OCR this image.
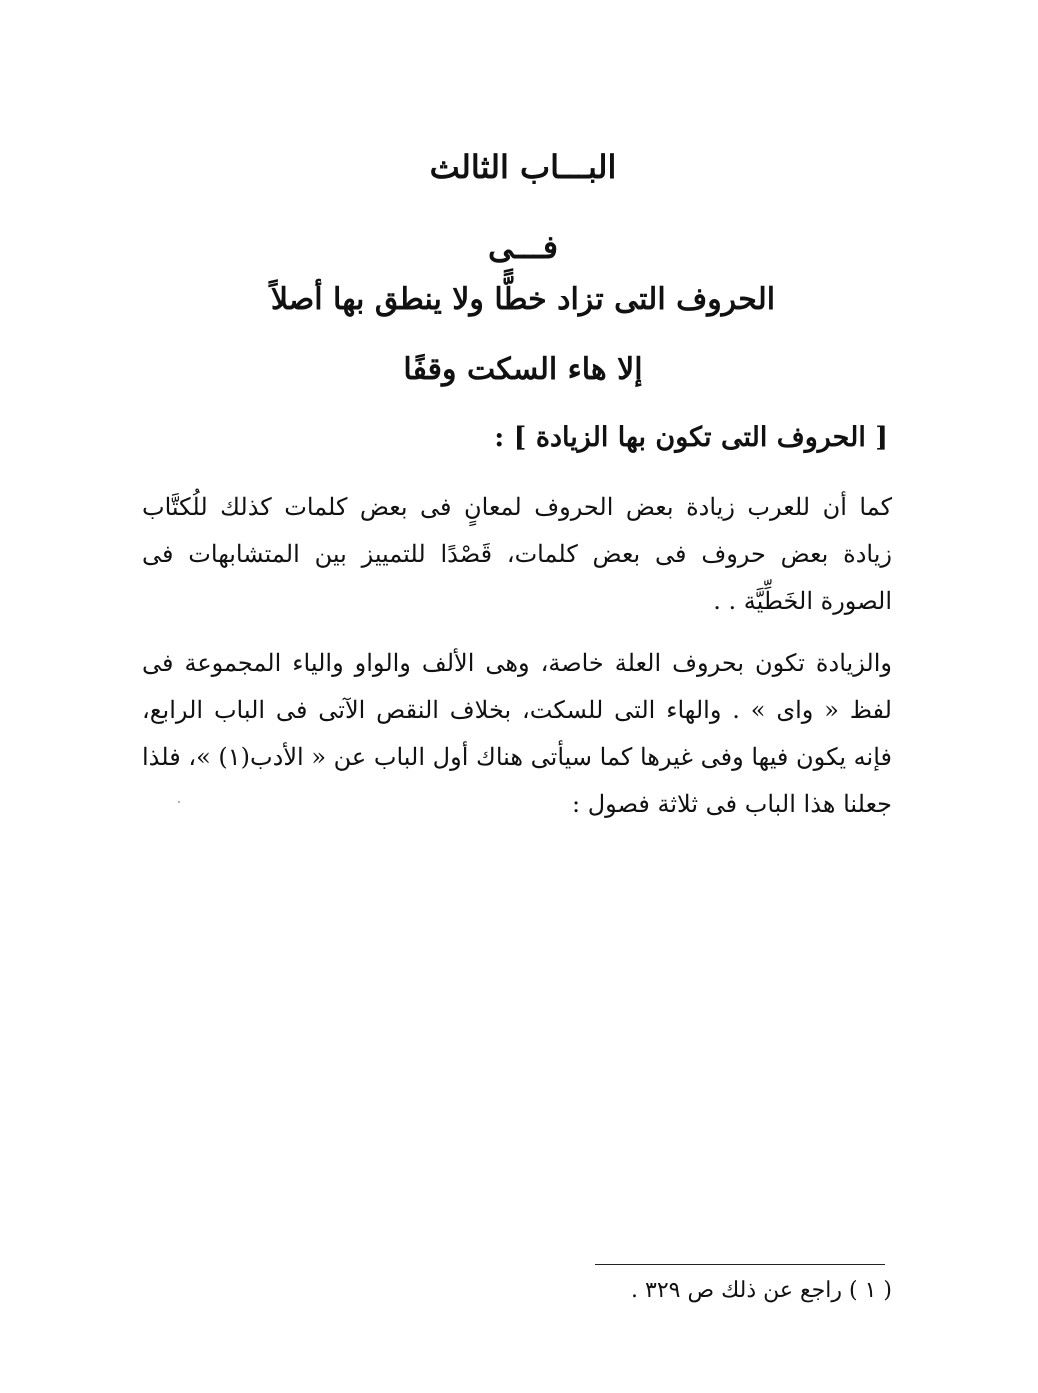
البـــاب الثالث
فـــى
الحروف التى تزاد خطًّا ولا ينطق بها أصلاً
إلا هاء السكت وقفًا
[ الحروف التى تكون بها الزيادة ] :

كما أن للعرب زيادة بعض الحروف لمعانٍ فى بعض كلمات كذلك للُكتَّاب زيادة بعض حروف فى بعض كلمات، قَصْدًا للتمييز بين المتشابهات فى الصورة الخَطِّيَّة . .

والزيادة تكون بحروف العلة خاصة، وهى الألف والواو والياء المجموعة فى لفظ « واى » . والهاء التى للسكت، بخلاف النقص الآتى فى الباب الرابع، فإنه يكون فيها وفى غيرها كما سيأتى هناك أول الباب عن « الأدب(١) »، فلذا جعلنا هذا الباب فى ثلاثة فصول :

( ١ ) راجع عن ذلك ص ٣٢٩ .
